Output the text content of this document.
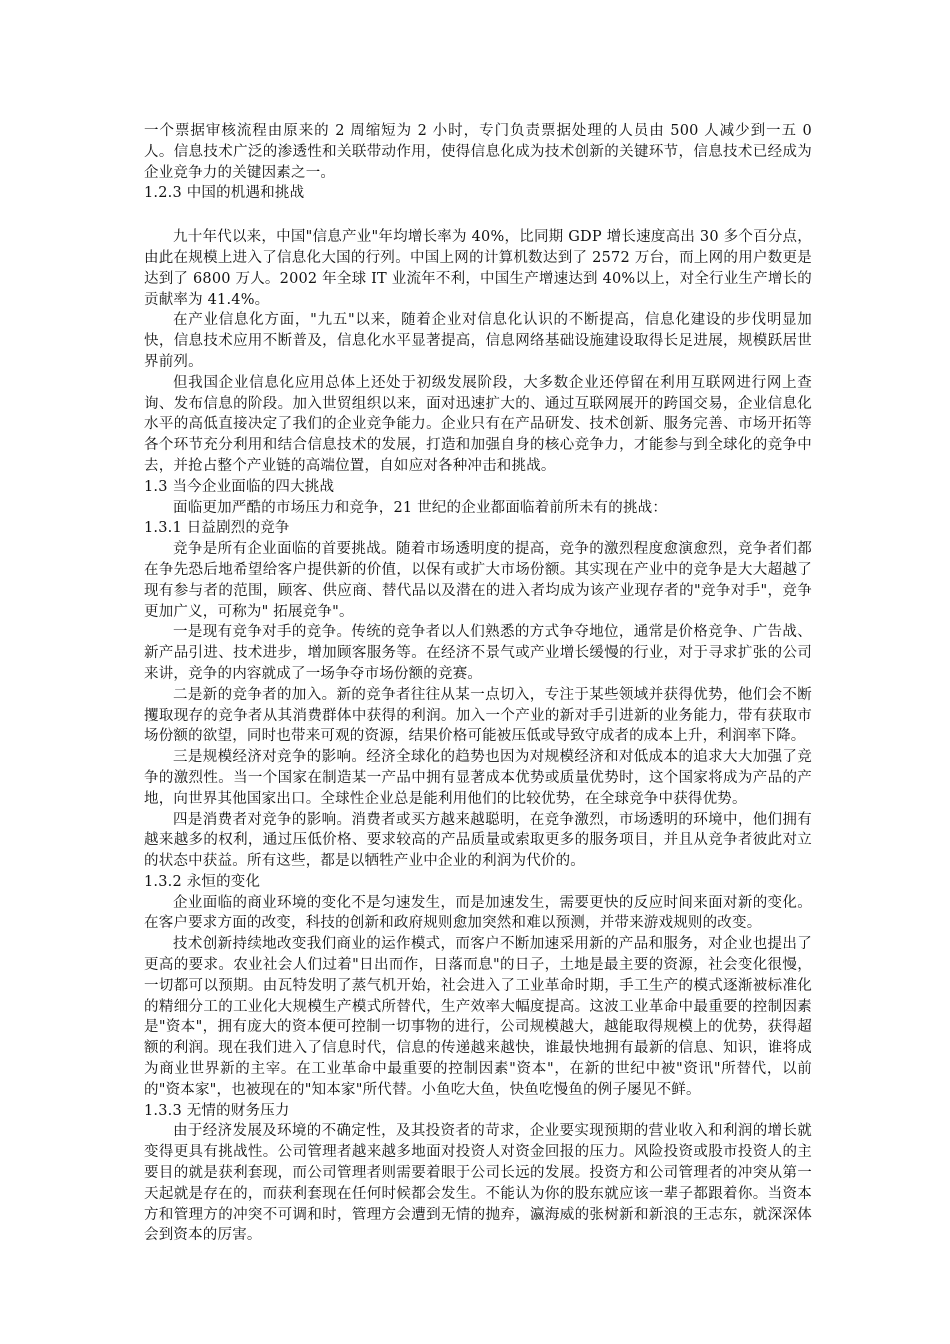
一个票据审核流程由原来的 2 周缩短为 2 小时，专门负责票据处理的人员由 500 人减少到一五 0 人。信息技术广泛的渗透性和关联带动作用，使得信息化成为技术创新的关键环节，信息技术已经成为企业竞争力的关键因素之一。

1.2.3 中国的机遇和挑战

九十年代以来，中国"信息产业"年均增长率为 40%，比同期 GDP 增长速度高出 30 多个百分点，由此在规模上进入了信息化大国的行列。中国上网的计算机数达到了 2572 万台，而上网的用户数更是达到了 6800 万人。2002 年全球 IT 业流年不利，中国生产增速达到 40%以上，对全行业生产增长的贡献率为 41.4%。

在产业信息化方面，"九五"以来，随着企业对信息化认识的不断提高，信息化建设的步伐明显加快，信息技术应用不断普及，信息化水平显著提高，信息网络基础设施建设取得长足进展，规模跃居世界前列。

但我国企业信息化应用总体上还处于初级发展阶段，大多数企业还停留在利用互联网进行网上查询、发布信息的阶段。加入世贸组织以来，面对迅速扩大的、通过互联网展开的跨国交易，企业信息化水平的高低直接决定了我们的企业竞争能力。企业只有在产品研发、技术创新、服务完善、市场开拓等各个环节充分利用和结合信息技术的发展，打造和加强自身的核心竞争力，才能参与到全球化的竞争中去，并抢占整个产业链的高端位置，自如应对各种冲击和挑战。

1.3 当今企业面临的四大挑战

面临更加严酷的市场压力和竞争，21 世纪的企业都面临着前所未有的挑战：

1.3.1 日益剧烈的竞争

竞争是所有企业面临的首要挑战。随着市场透明度的提高，竞争的激烈程度愈演愈烈，竞争者们都在争先恐后地希望给客户提供新的价值，以保有或扩大市场份额。其实现在产业中的竞争是大大超越了现有参与者的范围，顾客、供应商、替代品以及潜在的进入者均成为该产业现存者的"竞争对手"，竞争更加广义，可称为" 拓展竞争"。

一是现有竞争对手的竞争。传统的竞争者以人们熟悉的方式争夺地位，通常是价格竞争、广告战、新产品引进、技术进步，增加顾客服务等。在经济不景气或产业增长缓慢的行业，对于寻求扩张的公司来讲，竞争的内容就成了一场争夺市场份额的竞赛。

二是新的竞争者的加入。新的竞争者往往从某一点切入，专注于某些领域并获得优势，他们会不断攫取现存的竞争者从其消费群体中获得的利润。加入一个产业的新对手引进新的业务能力，带有获取市场份额的欲望，同时也带来可观的资源，结果价格可能被压低或导致守成者的成本上升，利润率下降。

三是规模经济对竞争的影响。经济全球化的趋势也因为对规模经济和对低成本的追求大大加强了竞争的激烈性。当一个国家在制造某一产品中拥有显著成本优势或质量优势时，这个国家将成为产品的产地，向世界其他国家出口。全球性企业总是能利用他们的比较优势，在全球竞争中获得优势。

四是消费者对竞争的影响。消费者或买方越来越聪明，在竞争激烈，市场透明的环境中，他们拥有越来越多的权利，通过压低价格、要求较高的产品质量或索取更多的服务项目，并且从竞争者彼此对立的状态中获益。所有这些，都是以牺牲产业中企业的利润为代价的。

1.3.2 永恒的变化

企业面临的商业环境的变化不是匀速发生，而是加速发生，需要更快的反应时间来面对新的变化。在客户要求方面的改变，科技的创新和政府规则愈加突然和难以预测，并带来游戏规则的改变。

技术创新持续地改变我们商业的运作模式，而客户不断加速采用新的产品和服务，对企业也提出了更高的要求。农业社会人们过着"日出而作，日落而息"的日子，土地是最主要的资源，社会变化很慢，一切都可以预期。由瓦特发明了蒸气机开始，社会进入了工业革命时期，手工生产的模式逐渐被标准化的精细分工的工业化大规模生产模式所替代，生产效率大幅度提高。这波工业革命中最重要的控制因素是"资本"，拥有庞大的资本便可控制一切事物的进行，公司规模越大，越能取得规模上的优势，获得超额的利润。现在我们进入了信息时代，信息的传递越来越快，谁最快地拥有最新的信息、知识，谁将成为商业世界新的主宰。在工业革命中最重要的控制因素"资本"，在新的世纪中被"资讯"所替代，以前的"资本家"，也被现在的"知本家"所代替。小鱼吃大鱼，快鱼吃慢鱼的例子屡见不鲜。

1.3.3 无情的财务压力

由于经济发展及环境的不确定性，及其投资者的苛求，企业要实现预期的营业收入和利润的增长就变得更具有挑战性。公司管理者越来越多地面对投资人对资金回报的压力。风险投资或股市投资人的主要目的就是获利套现，而公司管理者则需要着眼于公司长远的发展。投资方和公司管理者的冲突从第一天起就是存在的，而获利套现在任何时候都会发生。不能认为你的股东就应该一辈子都跟着你。当资本方和管理方的冲突不可调和时，管理方会遭到无情的抛弃，瀛海威的张树新和新浪的王志东，就深深体会到资本的厉害。
